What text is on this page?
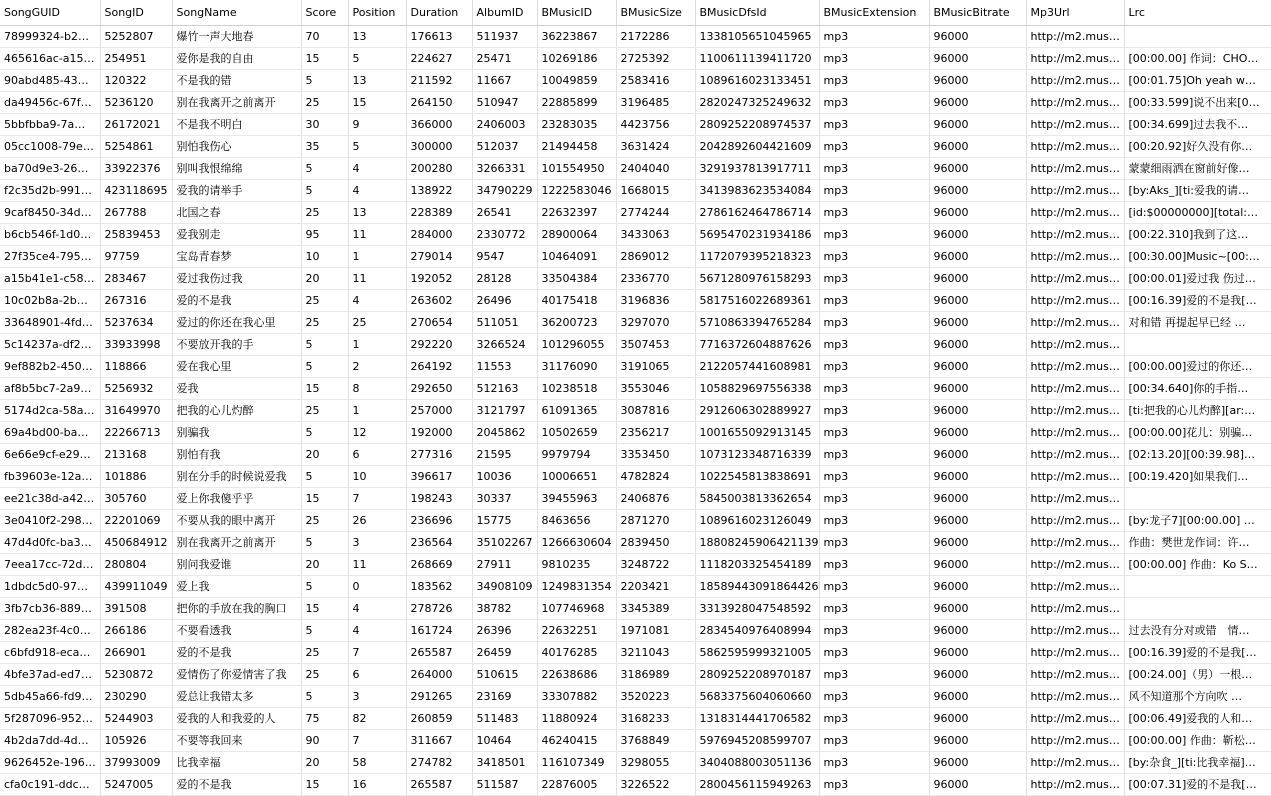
SongGUID	SongID	SongName	Score	Position	Duration	AlbumID	BMusicID	BMusicSize	BMusicDfsId	BMusicExtension	BMusicBitrate	Mp3Url	Lrc
78999324-b2…	5252807	爆竹一声大地春	70	13	176613	511937	36223867	2172286	1338105651045965	mp3	96000	http://m2.mus…	
465616ac-a15…	254951	爱你是我的自由	15	5	224627	25471	10269186	2725392	1100611139411720	mp3	96000	http://m2.mus…	[00:00.00] 作词：CHO…
90abd485-43…	120322	不是我的错	5	13	211592	11667	10049859	2583416	1089616023133451	mp3	96000	http://m2.mus…	[00:01.75]Oh yeah w…
da49456c-67f…	5236120	别在我离开之前离开	25	15	264150	510947	22885899	3196485	2820247325249632	mp3	96000	http://m2.mus…	[00:33.599]说不出来[0…
5bbfbba9-7a…	26172021	不是我不明白	30	9	366000	2406003	23283035	4423756	2809252208974537	mp3	96000	http://m2.mus…	[00:34.699]过去我不…
05cc1008-79e…	5254861	别怕我伤心	35	5	300000	512037	21494458	3631424	2042892604421609	mp3	96000	http://m2.mus…	[00:20.92]好久没有你…
ba70d9e3-26…	33922376	别叫我恨绵绵	5	4	200280	3266331	101554950	2404040	3291937813917711	mp3	96000	http://m2.mus…	蒙蒙细雨洒在窗前好像…
f2c35d2b-991…	423118695	爱我的请举手	5	4	138922	34790229	1222583046	1668015	3413983623534084	mp3	96000	http://m2.mus…	[by:Aks_][ti:爱我的请…
9caf8450-34d…	267788	北国之春	25	13	228389	26541	22632397	2774244	2786162464786714	mp3	96000	http://m2.mus…	[id:$00000000][total:…
b6cb546f-1d0…	25839453	爱我别走	95	11	284000	2330772	28900064	3433063	5695470231934186	mp3	96000	http://m2.mus…	[00:22.310]我到了这…
27f35ce4-795…	97759	宝岛青春梦	10	1	279014	9547	10464091	2869012	1172079395218323	mp3	96000	http://m2.mus…	[00:30.00]Music~[00:…
a15b41e1-c58…	283467	爱过我伤过我	20	11	192052	28128	33504384	2336770	5671280976158293	mp3	96000	http://m2.mus…	[00:00.01]爱过我 伤过…
10c02b8a-2b…	267316	爱的不是我	25	4	263602	26496	40175418	3196836	5817516022689361	mp3	96000	http://m2.mus…	[00:16.39]爱的不是我[…
33648901-4fd…	5237634	爱过的你还在我心里	25	25	270654	511051	36200723	3297070	5710863394765284	mp3	96000	http://m2.mus…	对和错 再提起早已经 …
5c14237a-df2…	33933998	不要放开我的手	5	1	292220	3266524	101296055	3507453	7716372604887626	mp3	96000	http://m2.mus…	
9ef882b2-450…	118866	爱在我心里	5	2	264192	11553	31176090	3191065	2122057441608981	mp3	96000	http://m2.mus…	[00:00.00]爱过的你还…
af8b5bc7-2a9…	5256932	爱我	15	8	292650	512163	10238518	3553046	1058829697556338	mp3	96000	http://m2.mus…	[00:34.640]你的手指…
5174d2ca-58a…	31649970	把我的心儿灼醉	25	1	257000	3121797	61091365	3087816	2912606302889927	mp3	96000	http://m2.mus…	[ti:把我的心儿灼醉][ar:…
69a4bd00-ba…	22266713	别骗我	5	12	192000	2045862	10502659	2356217	1001655092913145	mp3	96000	http://m2.mus…	[00:00.00]花儿：别骗…
6e66e9cf-e29…	213168	别怕有我	20	6	277316	21595	9979794	3353450	1073123348716339	mp3	96000	http://m2.mus…	[02:13.20][00:39.98]…
fb39603e-12a…	101886	别在分手的时候说爱我	5	10	396617	10036	10006651	4782824	1022545813838691	mp3	96000	http://m2.mus…	[00:19.420]如果我们…
ee21c38d-a42…	305760	爱上你我傻乎乎	15	7	198243	30337	39455963	2406876	5845003813362654	mp3	96000	http://m2.mus…	
3e0410f2-298…	22201069	不要从我的眼中离开	25	26	236696	15775	8463656	2871270	1089616023126049	mp3	96000	http://m2.mus…	[by:龙子7][00:00.00] …
47d4d0fc-ba3…	450684912	别在我离开之前离开	5	3	236564	35102267	1266630604	2839450	18808245906421139	mp3	96000	http://m2.mus…	作曲：樊世龙作词：许…
7eea17cc-72d…	280804	别问我爱谁	20	11	268669	27911	9810235	3248722	1118203325454189	mp3	96000	http://m2.mus…	[00:00.00] 作曲：Ko S…
1dbdc5d0-97…	439911049	爱上我	5	0	183562	34908109	1249831354	2203421	18589443091864426	mp3	96000	http://m2.mus…	
3fb7cb36-889…	391508	把你的手放在我的胸口	15	4	278726	38782	107746968	3345389	3313928047548592	mp3	96000	http://m2.mus…	
282ea23f-4c0…	266186	不要看透我	5	4	161724	26396	22632251	1971081	2834540976408994	mp3	96000	http://m2.mus…	过去没有分对或错　情…
c6bfd918-eca…	266901	爱的不是我	25	7	265587	26459	40176285	3211043	5862595999321005	mp3	96000	http://m2.mus…	[00:16.39]爱的不是我[…
4bfe37ad-ed7…	5230872	爱情伤了你爱情害了我	25	6	264000	510615	22638686	3186989	2809252208970187	mp3	96000	http://m2.mus…	[00:24.00]（男）一根…
5db45a66-fd9…	230290	爱总让我错太多	5	3	291265	23169	33307882	3520223	5683375604060660	mp3	96000	http://m2.mus…	风不知道那个方向吹 …
5f287096-952…	5244903	爱我的人和我爱的人	75	82	260859	511483	11880924	3168233	1318314441706582	mp3	96000	http://m2.mus…	[00:06.49]爱我的人和…
4b2da7dd-4d…	105926	不要等我回来	90	7	311667	10464	46240415	3768849	5976945208599707	mp3	96000	http://m2.mus…	[00:00.00] 作曲：靳松…
9626452e-196…	37993009	比我幸福	20	58	274782	3418501	116107349	3298055	3404088003051136	mp3	96000	http://m2.mus…	[by:杂食_][ti:比我幸福]…
cfa0c191-ddc…	5247005	爱的不是我	15	16	265587	511587	22876005	3226522	2800456115949263	mp3	96000	http://m2.mus…	[00:07.31]爱的不是我[…
